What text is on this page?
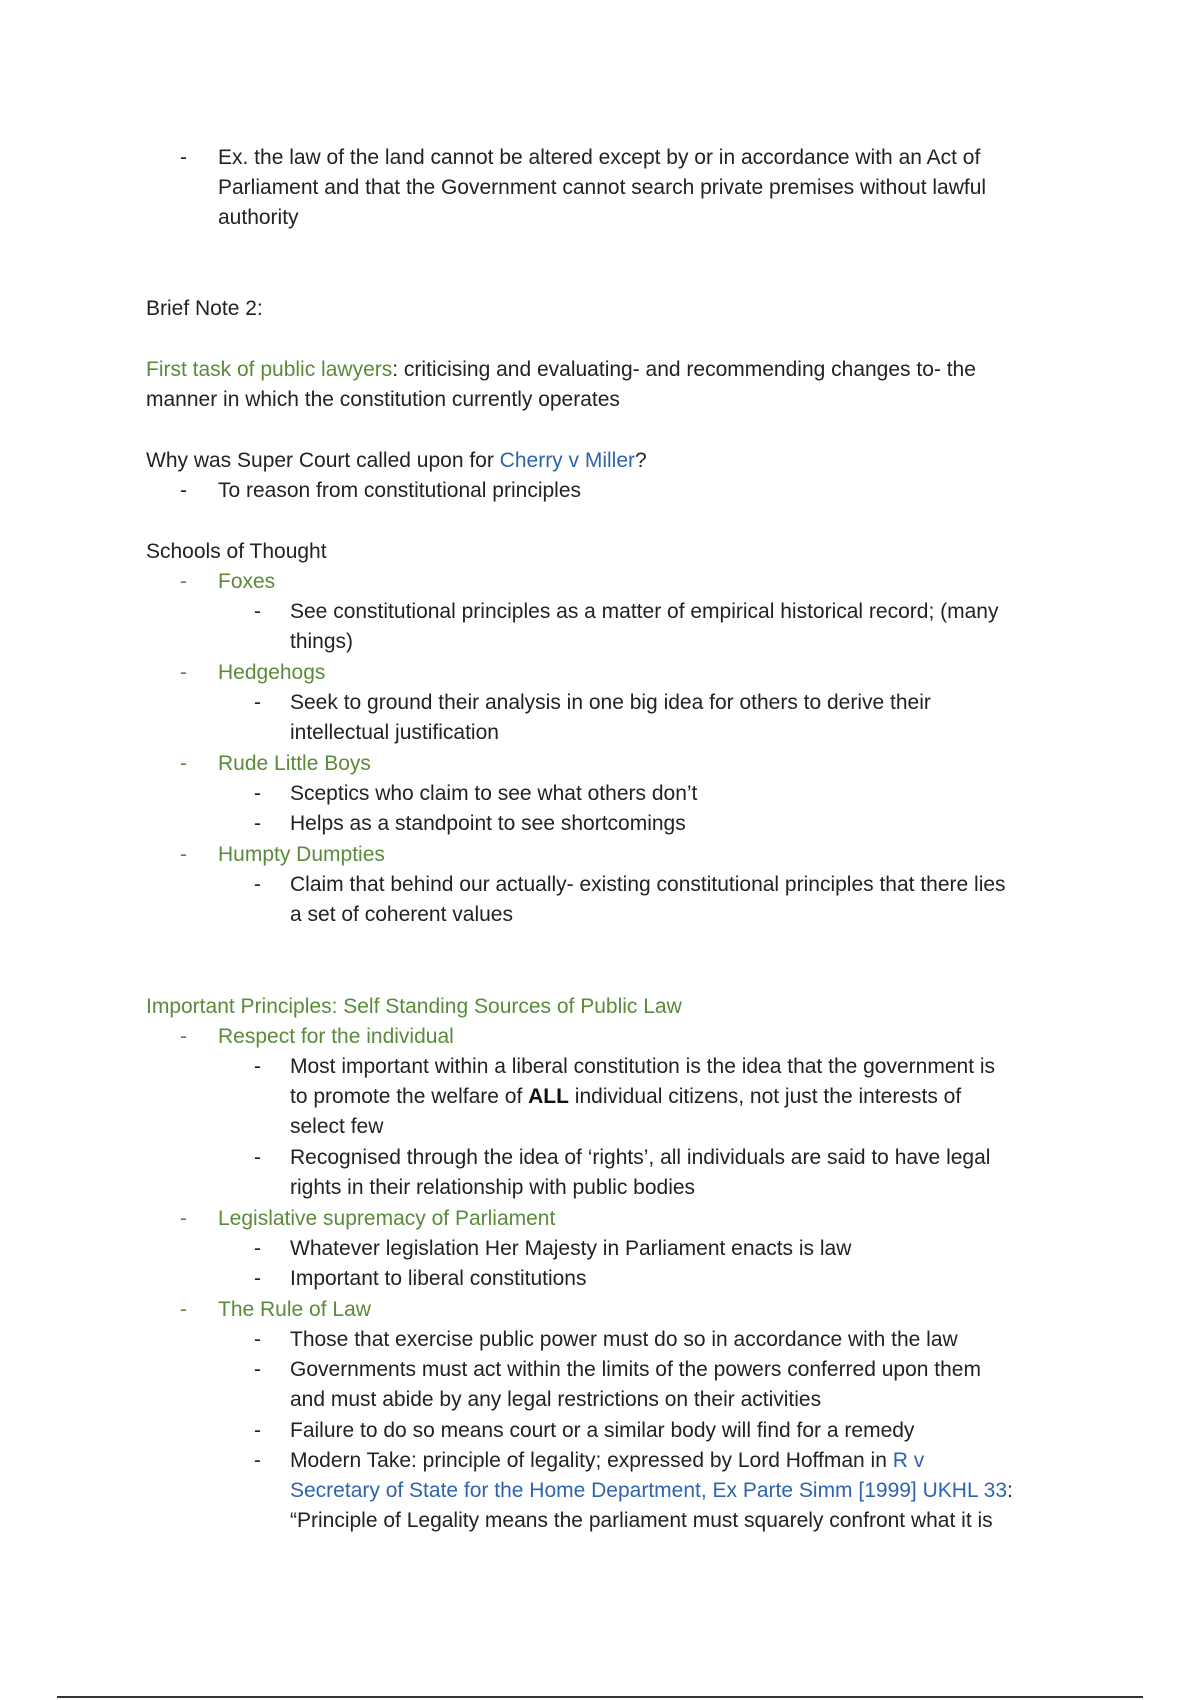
-	Ex. the law of the land cannot be altered except by or in accordance with an Act of
Parliament and that the Government cannot search private premises without lawful
authority
Brief Note 2:
First task of public lawyers: criticising and evaluating- and recommending changes to- the
manner in which the constitution currently operates
Why was Super Court called upon for Cherry v Miller?
-	To reason from constitutional principles
Schools of Thought
-	Foxes
-	See constitutional principles as a matter of empirical historical record; (many
things)
-	Hedgehogs
-	Seek to ground their analysis in one big idea for others to derive their
intellectual justification
-	Rude Little Boys
-	Sceptics who claim to see what others don’t
-	Helps as a standpoint to see shortcomings
-	Humpty Dumpties
-	Claim that behind our actually- existing constitutional principles that there lies
a set of coherent values
Important Principles: Self Standing Sources of Public Law
-	Respect for the individual
-	Most important within a liberal constitution is the idea that the government is
to promote the welfare of ALL individual citizens, not just the interests of
select few
-	Recognised through the idea of ‘rights’, all individuals are said to have legal
rights in their relationship with public bodies
-	Legislative supremacy of Parliament
-	Whatever legislation Her Majesty in Parliament enacts is law
-	Important to liberal constitutions
-	The Rule of Law
-	Those that exercise public power must do so in accordance with the law
-	Governments must act within the limits of the powers conferred upon them
and must abide by any legal restrictions on their activities
-	Failure to do so means court or a similar body will find for a remedy
-	Modern Take: principle of legality; expressed by Lord Hoffman in R v
Secretary of State for the Home Department, Ex Parte Simm [1999] UKHL 33:
“Principle of Legality means the parliament must squarely confront what it is
